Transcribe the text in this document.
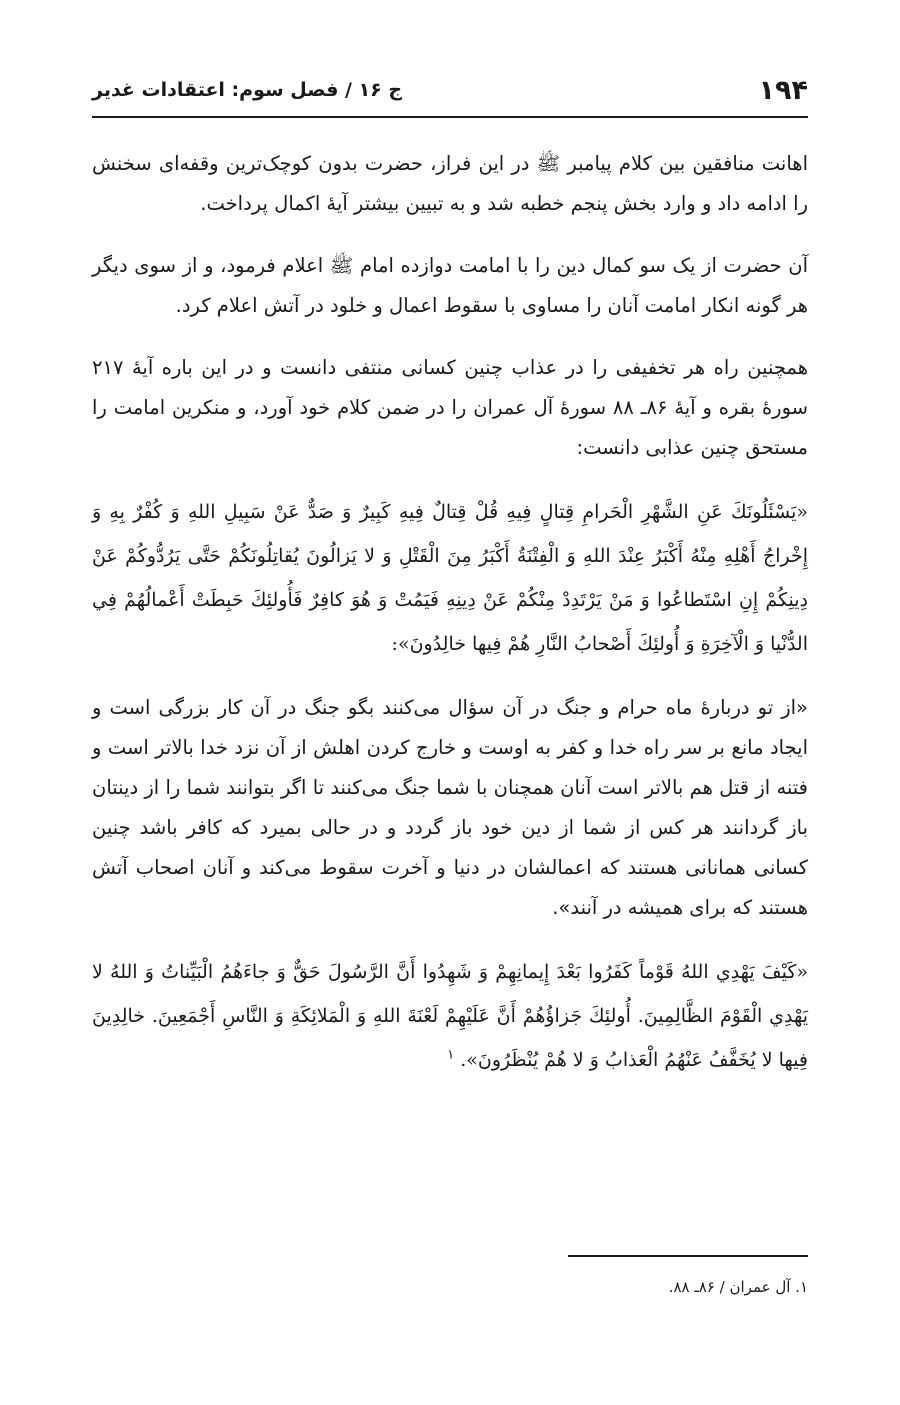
۱۹۴
ج ۱۶ / فصل سوم: اعتقادات غدیر

اهانت منافقین بین کلام پیامبر ﷺ در این فراز، حضرت بدون کوچک‌ترین وقفه‌ای سخنش را ادامه داد و وارد بخش پنجم خطبه شد و به تبیین بیشتر آیهٔ اکمال پرداخت.

آن حضرت از یک سو کمال دین را با امامت دوازده امام ﷺ اعلام فرمود، و از سوی دیگر هر گونه انکار امامت آنان را مساوی با سقوط اعمال و خلود در آتش اعلام کرد.

همچنین راه هر تخفیفی را در عذاب چنین کسانی منتفی دانست و در این باره آیهٔ ۲۱۷ سورهٔ بقره و آیهٔ ۸۶ـ ۸۸ سورهٔ آل عمران را در ضمن کلام خود آورد، و منکرین امامت را مستحق چنین عذابی دانست:

«يَسْئَلُونَكَ عَنِ الشَّهْرِ الْحَرامِ قِتالٍ فِيهِ قُلْ قِتالٌ فِيهِ كَبِيرٌ وَ صَدٌّ عَنْ سَبِيلِ اللهِ وَ كُفْرٌ بِهِ وَ إِخْراجُ أَهْلِهِ مِنْهُ أَكْبَرُ عِنْدَ اللهِ وَ الْفِتْنَةُ أَكْبَرُ مِنَ الْقَتْلِ وَ لا يَزالُونَ يُقاتِلُونَكُمْ حَتَّى يَرُدُّوكُمْ عَنْ دِينِكُمْ إِنِ اسْتَطاعُوا وَ مَنْ يَرْتَدِدْ مِنْكُمْ عَنْ دِينِهِ فَيَمُتْ وَ هُوَ كافِرٌ فَأُولئِكَ حَبِطَتْ أَعْمالُهُمْ فِي الدُّنْيا وَ الْآخِرَةِ وَ أُولئِكَ أَصْحابُ النَّارِ هُمْ فِيها خالِدُونَ»:

«از تو دربارهٔ ماه حرام و جنگ در آن سؤال می‌کنند بگو جنگ در آن کار بزرگی است و ایجاد مانع بر سر راه خدا و کفر به اوست و خارج کردن اهلش از آن نزد خدا بالاتر است و فتنه از قتل هم بالاتر است آنان همچنان با شما جنگ می‌کنند تا اگر بتوانند شما را از دینتان باز گردانند هر کس از شما از دین خود باز گردد و در حالی بمیرد که کافر باشد چنین کسانی همانانی هستند که اعمالشان در دنیا و آخرت سقوط می‌کند و آنان اصحاب آتش هستند که برای همیشه در آنند».

«كَيْفَ يَهْدِي اللهُ قَوْماً كَفَرُوا بَعْدَ إِيمانِهِمْ وَ شَهِدُوا أَنَّ الرَّسُولَ حَقٌّ وَ جاءَهُمُ الْبَيِّناتُ وَ اللهُ لا يَهْدِي الْقَوْمَ الظَّالِمِينَ. أُولئِكَ جَزاؤُهُمْ أَنَّ عَلَيْهِمْ لَعْنَةَ اللهِ وَ الْمَلائِكَةِ وَ النَّاسِ أَجْمَعِينَ. خالِدِينَ فِيها لا يُخَفَّفُ عَنْهُمُ الْعَذابُ وَ لا هُمْ يُنْظَرُونَ». $^١$

۱. آل عمران / ۸۶ـ ۸۸.
